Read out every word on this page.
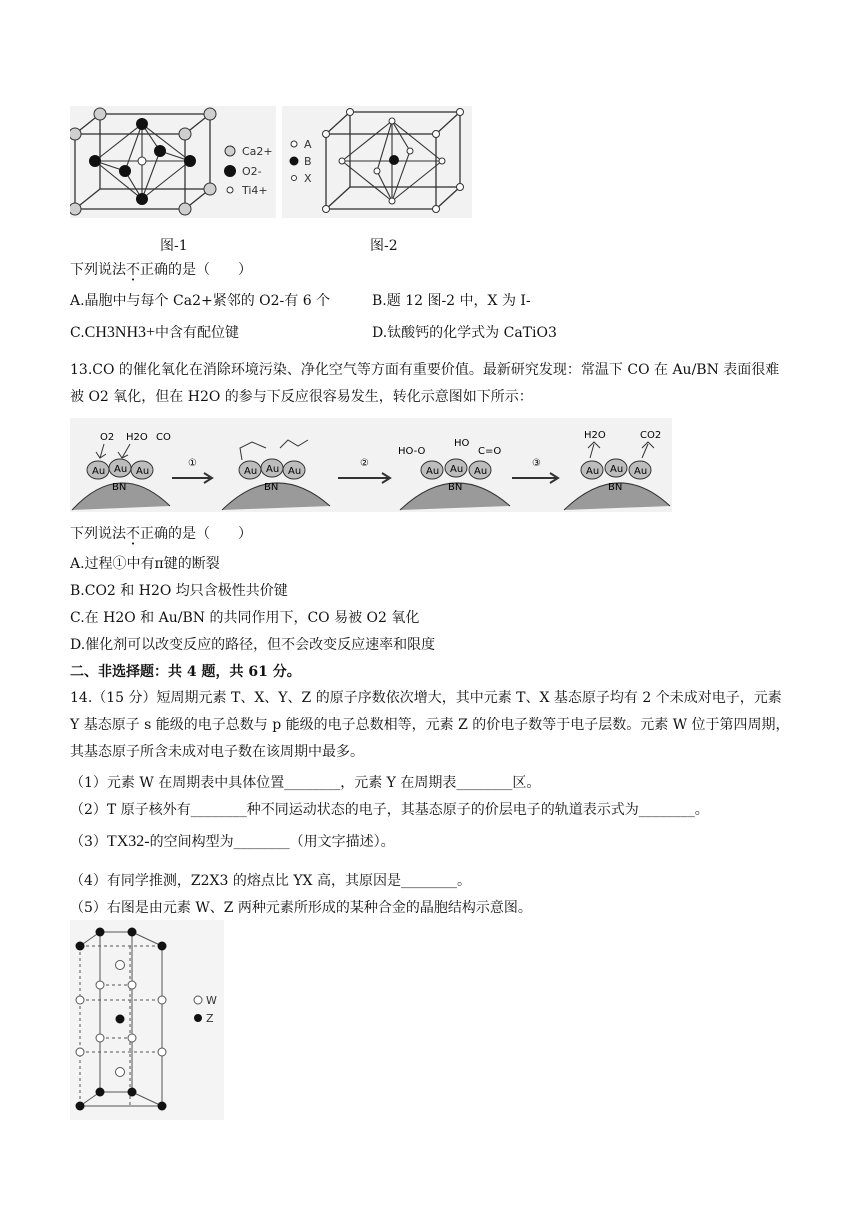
Ca2+
O2-
Ti4+
A
B
X
图-1	图-2
下列说法不正确的是（　　）
A.晶胞中与每个 Ca2+紧邻的 O2-有 6 个	B.题 12 图-2 中，X 为 I-
C.CH3NH3+中含有配位键	D.钛酸钙的化学式为 CaTiO3
13.CO 的催化氧化在消除环境污染、净化空气等方面有重要价值。最新研究发现：常温下 CO 在 Au/BN 表面很难被 O2 氧化，但在 H2O 的参与下反应很容易发生，转化示意图如下所示：
Au Au Au
BN
O2 H2O CO
①
Au Au Au
BN
②
Au Au Au
BN
HO-O
HO
C=O
③
Au Au Au
BN
H2O	CO2
下列说法不正确的是（　　）
A.过程①中有π键的断裂
B.CO2 和 H2O 均只含极性共价键
C.在 H2O 和 Au/BN 的共同作用下，CO 易被 O2 氧化
D.催化剂可以改变反应的路径，但不会改变反应速率和限度
二、非选择题：共 4 题，共 61 分。
14.（15 分）短周期元素 T、X、Y、Z 的原子序数依次增大，其中元素 T、X 基态原子均有 2 个未成对电子，元素 Y 基态原子 s 能级的电子总数与 p 能级的电子总数相等，元素 Z 的价电子数等于电子层数。元素 W 位于第四周期，其基态原子所含未成对电子数在该周期中最多。
（1）元素 W 在周期表中具体位置________，元素 Y 在周期表________区。
（2）T 原子核外有________种不同运动状态的电子，其基态原子的价层电子的轨道表示式为________。
（3）TX32-的空间构型为________（用文字描述）。
（4）有同学推测，Z2X3 的熔点比 YX 高，其原因是________。
（5）右图是由元素 W、Z 两种元素所形成的某种合金的晶胞结构示意图。
W
Z
